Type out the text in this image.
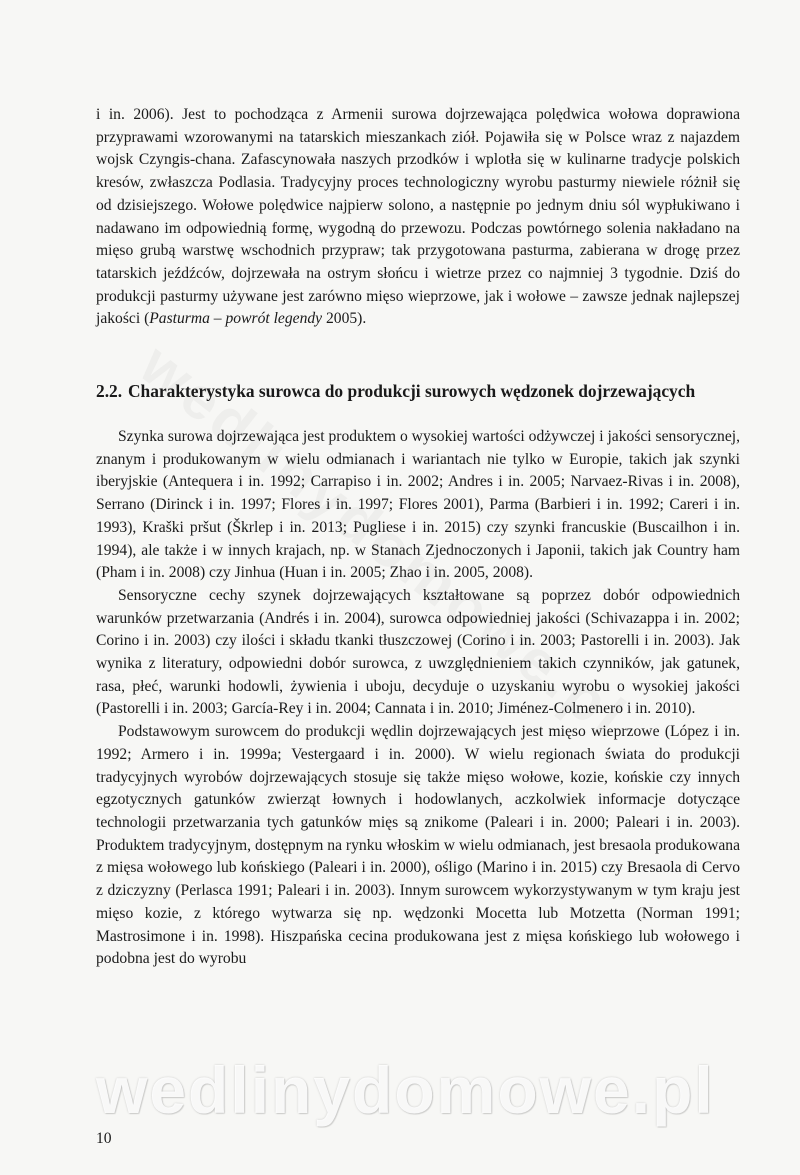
i in. 2006). Jest to pochodząca z Armenii surowa dojrzewająca polędwica wołowa doprawiona przyprawami wzorowanymi na tatarskich mieszankach ziół. Pojawiła się w Polsce wraz z najazdem wojsk Czyngis-chana. Zafascynowała naszych przodków i wplotła się w kulinarne tradycje polskich kresów, zwłaszcza Podlasia. Tradycyjny proces technologiczny wyrobu pasturmy niewiele różnił się od dzisiejszego. Wołowe polędwice najpierw solono, a następnie po jednym dniu sól wypłukiwano i nadawano im odpowiednią formę, wygodną do przewozu. Podczas powtórnego solenia nakładano na mięso grubą warstwę wschodnich przypraw; tak przygotowana pasturma, zabierana w drogę przez tatarskich jeźdźców, dojrzewała na ostrym słońcu i wietrze przez co najmniej 3 tygodnie. Dziś do produkcji pasturmy używane jest zarówno mięso wieprzowe, jak i wołowe – zawsze jednak najlepszej jakości (Pasturma – powrót legendy 2005).

2.2. Charakterystyka surowca do produkcji surowych wędzonek dojrzewających

Szynka surowa dojrzewająca jest produktem o wysokiej wartości odżywczej i jakości sensorycznej, znanym i produkowanym w wielu odmianach i wariantach nie tylko w Europie, takich jak szynki iberyjskie (Antequera i in. 1992; Carrapiso i in. 2002; Andres i in. 2005; Narvaez-Rivas i in. 2008), Serrano (Dirinck i in. 1997; Flores i in. 1997; Flores 2001), Parma (Barbieri i in. 1992; Careri i in. 1993), Kraški pršut (Škrlep i in. 2013; Pugliese i in. 2015) czy szynki francuskie (Buscailhon i in. 1994), ale także i w innych krajach, np. w Stanach Zjednoczonych i Japonii, takich jak Country ham (Pham i in. 2008) czy Jinhua (Huan i in. 2005; Zhao i in. 2005, 2008).

Sensoryczne cechy szynek dojrzewających kształtowane są poprzez dobór odpowiednich warunków przetwarzania (Andrés i in. 2004), surowca odpowiedniej jakości (Schivazappa i in. 2002; Corino i in. 2003) czy ilości i składu tkanki tłuszczowej (Corino i in. 2003; Pastorelli i in. 2003). Jak wynika z literatury, odpowiedni dobór surowca, z uwzględnieniem takich czynników, jak gatunek, rasa, płeć, warunki hodowli, żywienia i uboju, decyduje o uzyskaniu wyrobu o wysokiej jakości (Pastorelli i in. 2003; García-Rey i in. 2004; Cannata i in. 2010; Jiménez-Colmenero i in. 2010).

Podstawowym surowcem do produkcji wędlin dojrzewających jest mięso wieprzowe (López i in. 1992; Armero i in. 1999a; Vestergaard i in. 2000). W wielu regionach świata do produkcji tradycyjnych wyrobów dojrzewających stosuje się także mięso wołowe, kozie, końskie czy innych egzotycznych gatunków zwierząt łownych i hodowlanych, aczkolwiek informacje dotyczące technologii przetwarzania tych gatunków mięs są znikome (Paleari i in. 2000; Paleari i in. 2003). Produktem tradycyjnym, dostępnym na rynku włoskim w wielu odmianach, jest bresaola produkowana z mięsa wołowego lub końskiego (Paleari i in. 2000), ośligo (Marino i in. 2015) czy Bresaola di Cervo z dziczyzny (Perlasca 1991; Paleari i in. 2003). Innym surowcem wykorzystywanym w tym kraju jest mięso kozie, z którego wytwarza się np. wędzonki Mocetta lub Motzetta (Norman 1991; Mastrosimone i in. 1998). Hiszpańska cecina produkowana jest z mięsa końskiego lub wołowego i podobna jest do wyrobu

wedlinydomowe.pl
10
